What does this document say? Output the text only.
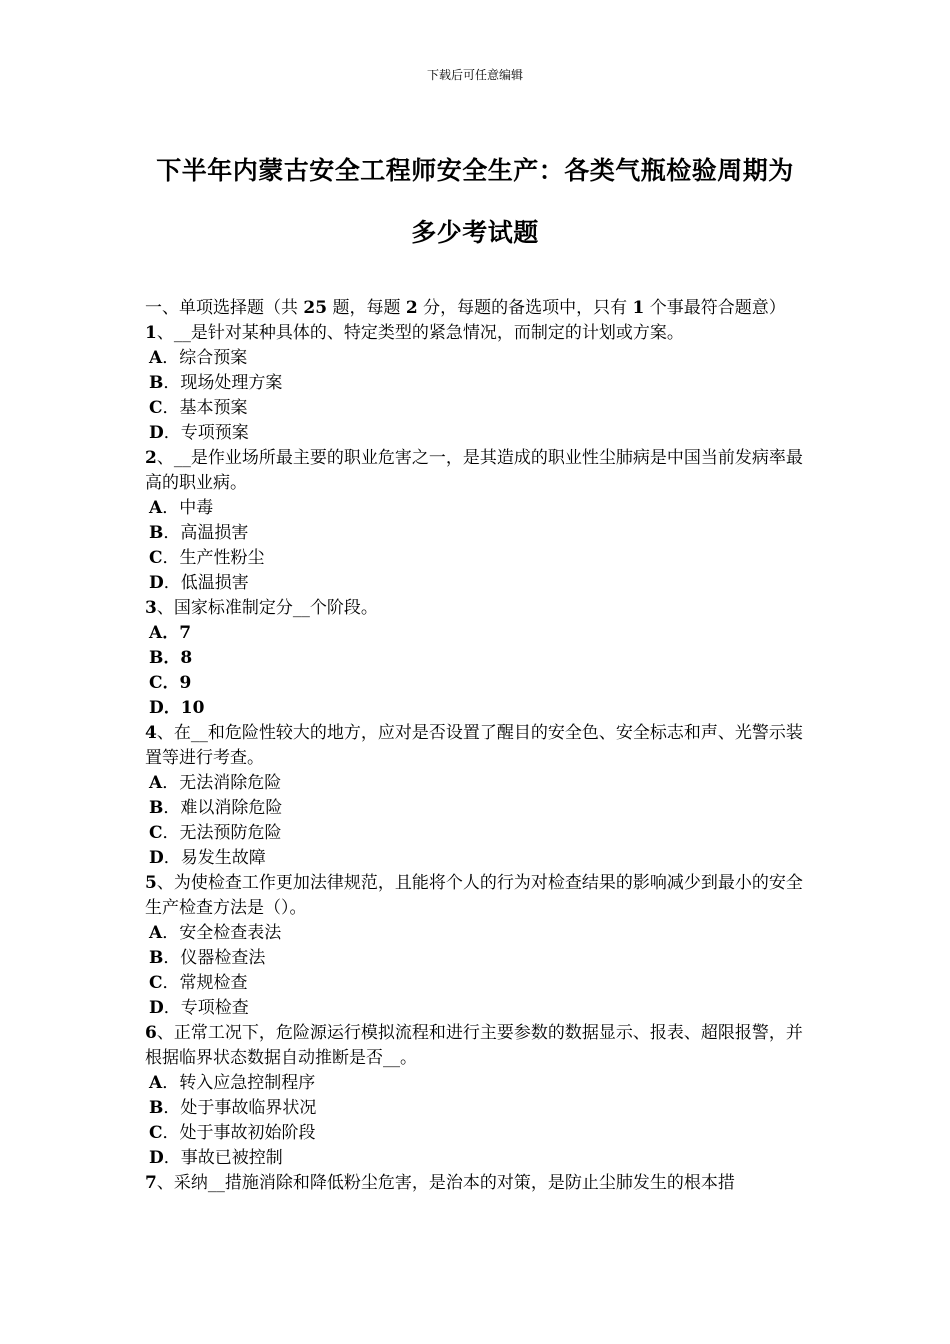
下载后可任意编辑
下半年内蒙古安全工程师安全生产：各类气瓶检验周期为
多少考试题

一、单项选择题（共 25 题，每题 2 分，每题的备选项中，只有 1 个事最符合题意）

1、__是针对某种具体的、特定类型的紧急情况，而制定的计划或方案。

A．综合预案

B．现场处理方案

C．基本预案

D．专项预案

2、__是作业场所最主要的职业危害之一，是其造成的职业性尘肺病是中国当前发病率最高的职业病。

A．中毒

B．高温损害

C．生产性粉尘

D．低温损害

3、国家标准制定分__个阶段。

A．7

B．8

C．9

D．10

4、在__和危险性较大的地方，应对是否设置了醒目的安全色、安全标志和声、光警示装置等进行考查。

A．无法消除危险

B．难以消除危险

C．无法预防危险

D．易发生故障

5、为使检查工作更加法律规范，且能将个人的行为对检查结果的影响减少到最小的安全生产检查方法是（）。

A．安全检查表法

B．仪器检查法

C．常规检查

D．专项检查

6、正常工况下，危险源运行模拟流程和进行主要参数的数据显示、报表、超限报警，并根据临界状态数据自动推断是否__。

A．转入应急控制程序

B．处于事故临界状况

C．处于事故初始阶段

D．事故已被控制

7、采纳__措施消除和降低粉尘危害，是治本的对策，是防止尘肺发生的根本措
